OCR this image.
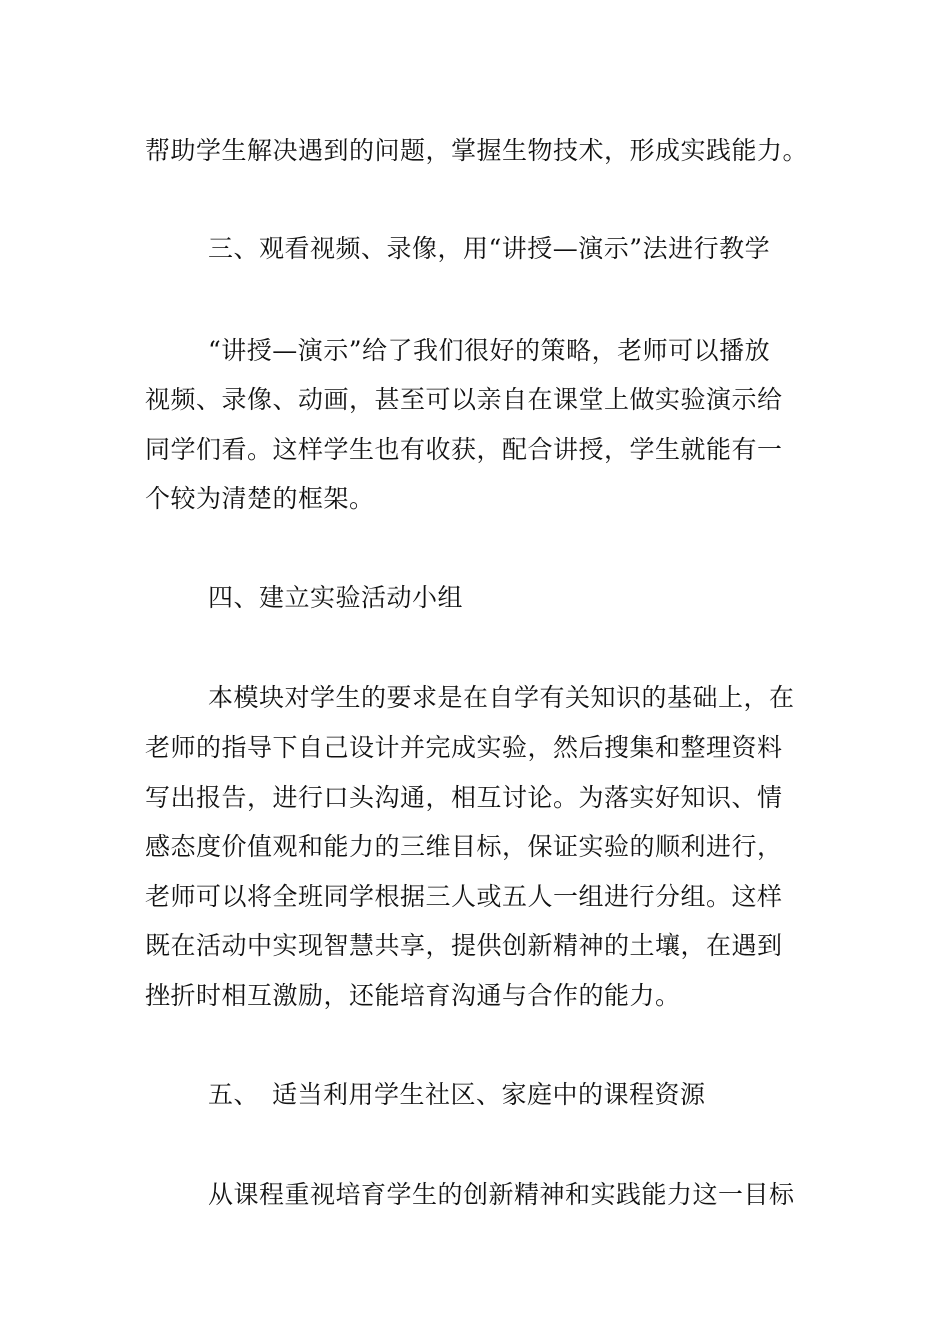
帮助学生解决遇到的问题，掌握生物技术，形成实践能力。
三、观看视频、录像，用“讲授—演示”法进行教学
“讲授—演示”给了我们很好的策略，老师可以播放
视频、录像、动画，甚至可以亲自在课堂上做实验演示给
同学们看。这样学生也有收获，配合讲授，学生就能有一
个较为清楚的框架。
四、建立实验活动小组
本模块对学生的要求是在自学有关知识的基础上，在
老师的指导下自己设计并完成实验，然后搜集和整理资料
写出报告，进行口头沟通，相互讨论。为落实好知识、情
感态度价值观和能力的三维目标，保证实验的顺利进行，
老师可以将全班同学根据三人或五人一组进行分组。这样
既在活动中实现智慧共享，提供创新精神的土壤，在遇到
挫折时相互激励，还能培育沟通与合作的能力。
五、 适当利用学生社区、家庭中的课程资源
从课程重视培育学生的创新精神和实践能力这一目标
